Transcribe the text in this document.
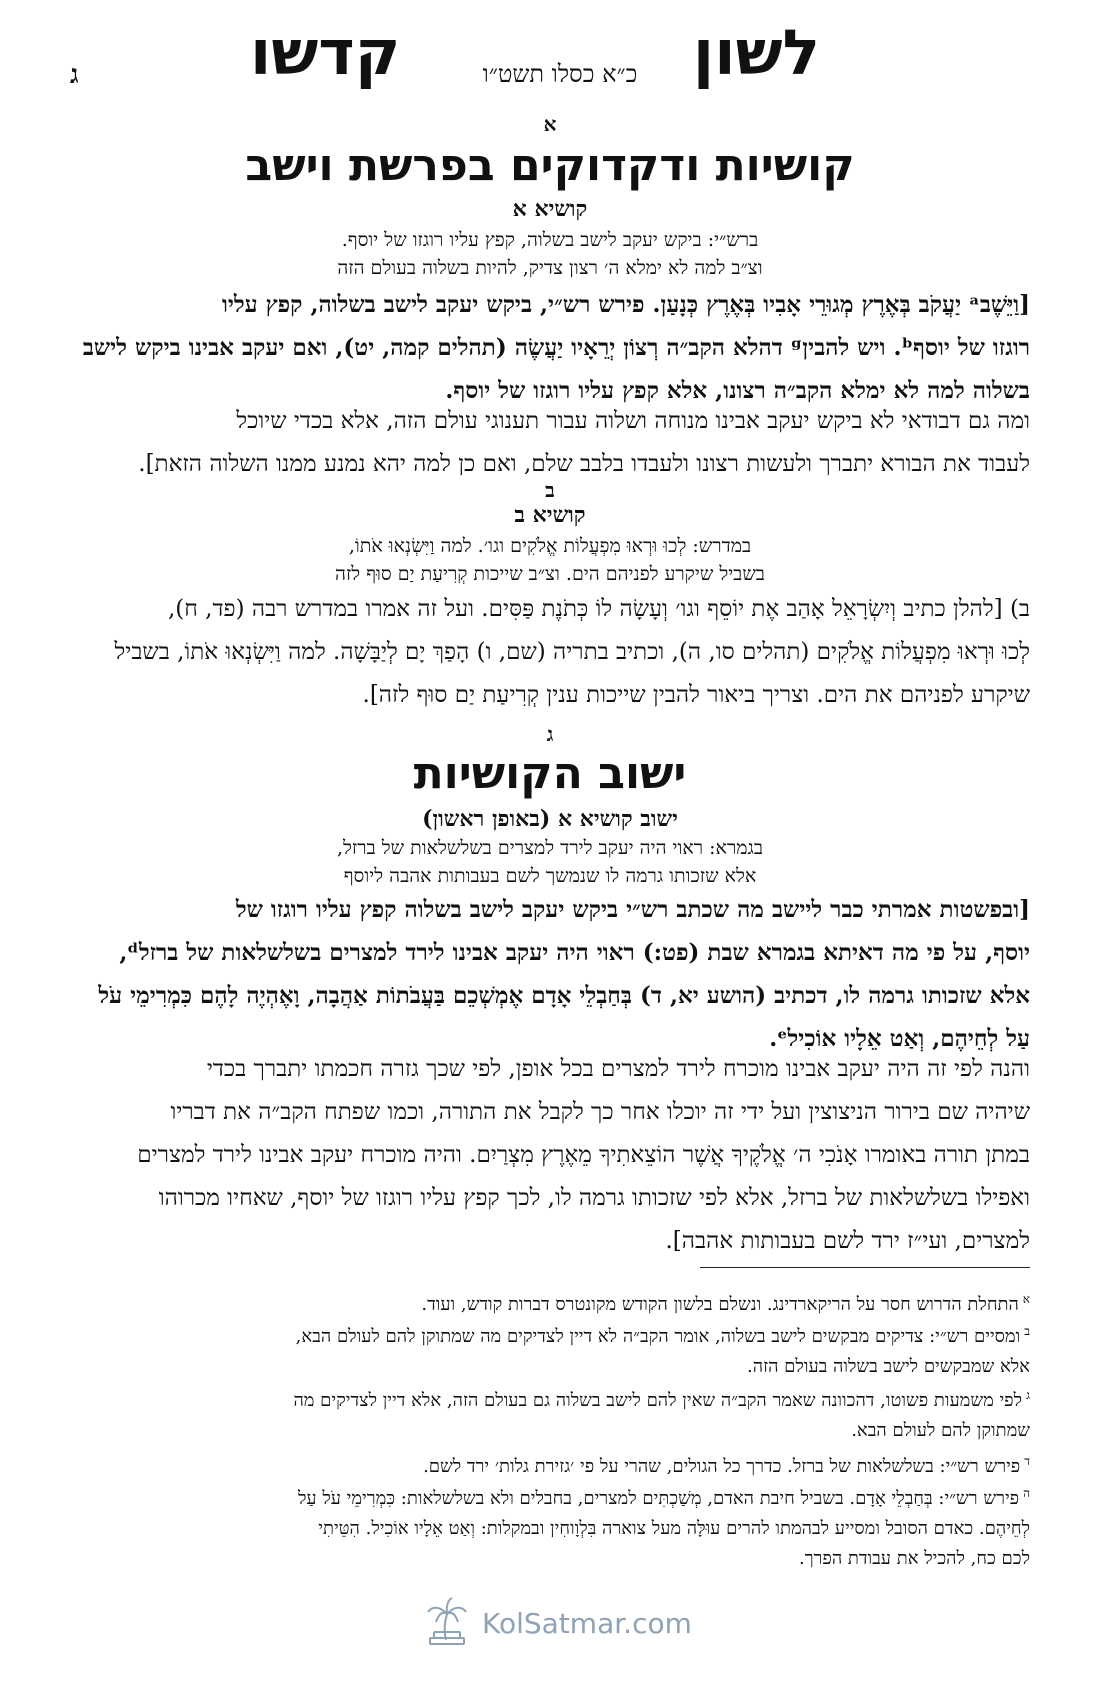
לשון
כ״א כסלו תשט״ו
קדשו
ג
א
קושיות ודקדוקים בפרשת וישב
קושיא א
ברש״י: ביקש יעקב לישב בשלוה, קפץ עליו רוגזו של יוסף.
וצ״ב למה לא ימלא ה׳ רצון צדיק, להיות בשלוה בעולם הזה
[וַיֵּשֶׁבᵃ יַעֲקֹב בְּאֶרֶץ מְגוּרֵי אָבִיו בְּאֶרֶץ כְּנָעַן. פירש רש״י, ביקש יעקב לישב בשלוה, קפץ עליו
רוגזו של יוסףᵇ. ויש להביןᵍ דהלא הקב״ה רְצוֹן יְרֵאָיו יַעֲשֶׂה (תהלים קמה, יט), ואם יעקב אבינו ביקש לישב
בשלוה למה לא ימלא הקב״ה רצונו, אלא קפץ עליו רוגזו של יוסף.
ומה גם דבודאי לא ביקש יעקב אבינו מנוחה ושלוה עבור תענוגי עולם הזה, אלא בכדי שיוכל
לעבוד את הבורא יתברך ולעשות רצונו ולעבדו בלבב שלם, ואם כן למה יהא נמנע ממנו השלוה הזאת].
ב
קושיא ב
במדרש: לְכוּ וּרְאוּ מִפְעֲלוֹת אֱלֹקִים וגו׳. למה וַיִּשְׂנְאוּ אֹתוֹ,
בשביל שיקרע לפניהם הים. וצ״ב שייכות קְרִיעַת יַם סוּף לזה
ב) [להלן כתיב וְיִשְׂרָאֵל אָהַב אֶת יוֹסֵף וגו׳ וְעָשָׂה לוֹ כְּתֹנֶת פַּסִּים. ועל זה אמרו במדרש רבה (פד, ח),
לְכוּ וּרְאוּ מִפְעֲלוֹת אֱלֹקִים (תהלים סו, ה), וכתיב בתריה (שם, ו) הָפַךְ יָם לְיַבָּשָׁה. למה וַיִּשְׂנְאוּ אֹתוֹ, בשביל
שיקרע לפניהם את הים. וצריך ביאור להבין שייכות ענין קְרִיעַת יַם סוּף לזה].
ג
ישוב הקושיות
ישוב קושיא א (באופן ראשון)
בגמרא: ראוי היה יעקב לירד למצרים בשלשלאות של ברזל,
אלא שזכותו גרמה לו שנמשך לשם בעבותות אהבה ליוסף
[ובפשטות אמרתי כבר ליישב מה שכתב רש״י ביקש יעקב לישב בשלוה קפץ עליו רוגזו של
יוסף, על פי מה דאיתא בגמרא שבת (פט:) ראוי היה יעקב אבינו לירד למצרים בשלשלאות של ברזלᵈ,
אלא שזכותו גרמה לו, דכתיב (הושע יא, ד) בְּחַבְלֵי אָדָם אֶמְשְׁכֵם בַּעֲבֹתוֹת אַהֲבָה, וָאֶהְיֶה לָהֶם כִּמְרִימֵי עֹל
עַל לְחֵיהֶם, וְאַט אֵלָיו אוֹכִילᵉ.
והנה לפי זה היה יעקב אבינו מוכרח לירד למצרים בכל אופן, לפי שכך גזרה חכמתו יתברך בכדי
שיהיה שם בירור הניצוצין ועל ידי זה יוכלו אחר כך לקבל את התורה, וכמו שפתח הקב״ה את דבריו
במתן תורה באומרו אָנֹכִי ה׳ אֱלֹקֶיךָ אֲשֶׁר הוֹצֵאתִיךָ מֵאֶרֶץ מִצְרַיִם. והיה מוכרח יעקב אבינו לירד למצרים
ואפילו בשלשלאות של ברזל, אלא לפי שזכותו גרמה לו, לכך קפץ עליו רוגזו של יוסף, שאחיו מכרוהו
למצרים, ועי״ז ירד לשם בעבותות אהבה].
$^א$התחלת הדרוש חסר על הריקארדינג. ונשלם בלשון הקודש מקונטרס דברות קודש, ועוד.
$^ב$ומסיים רש״י: צדיקים מבקשים לישב בשלוה, אומר הקב״ה לא דיין לצדיקים מה שמתוקן להם לעולם הבא,
אלא שמבקשים לישב בשלוה בעולם הזה.
$^ג$לפי משמעות פשוטו, דהכוונה שאמר הקב״ה שאין להם לישב בשלוה גם בעולם הזה, אלא דיין לצדיקים מה
שמתוקן להם לעולם הבא.
$^ד$פירש רש״י: בשלשלאות של ברזל. כדרך כל הגולים, שהרי על פי ׳גזירת גלות׳ ירד לשם.
$^ה$פירש רש״י: בְּחַבְלֵי אָדָם. בשביל חיבת האדם, מְשַׁכְתִּים למצרים, בחבלים ולא בשלשלאות: כִּמְרִימֵי עֹל עַל
לְחֵיהֶם. כאדם הסובל ומסייע לבהמתו להרים עוּלָּה מעל צוארה בִּלְוָוחִין ובמקלות: וְאַט אֵלָיו אוֹכִיל. הִטֵּיתִי
לכם כח, להכיל את עבודת הפרך.
KolSatmar.com
